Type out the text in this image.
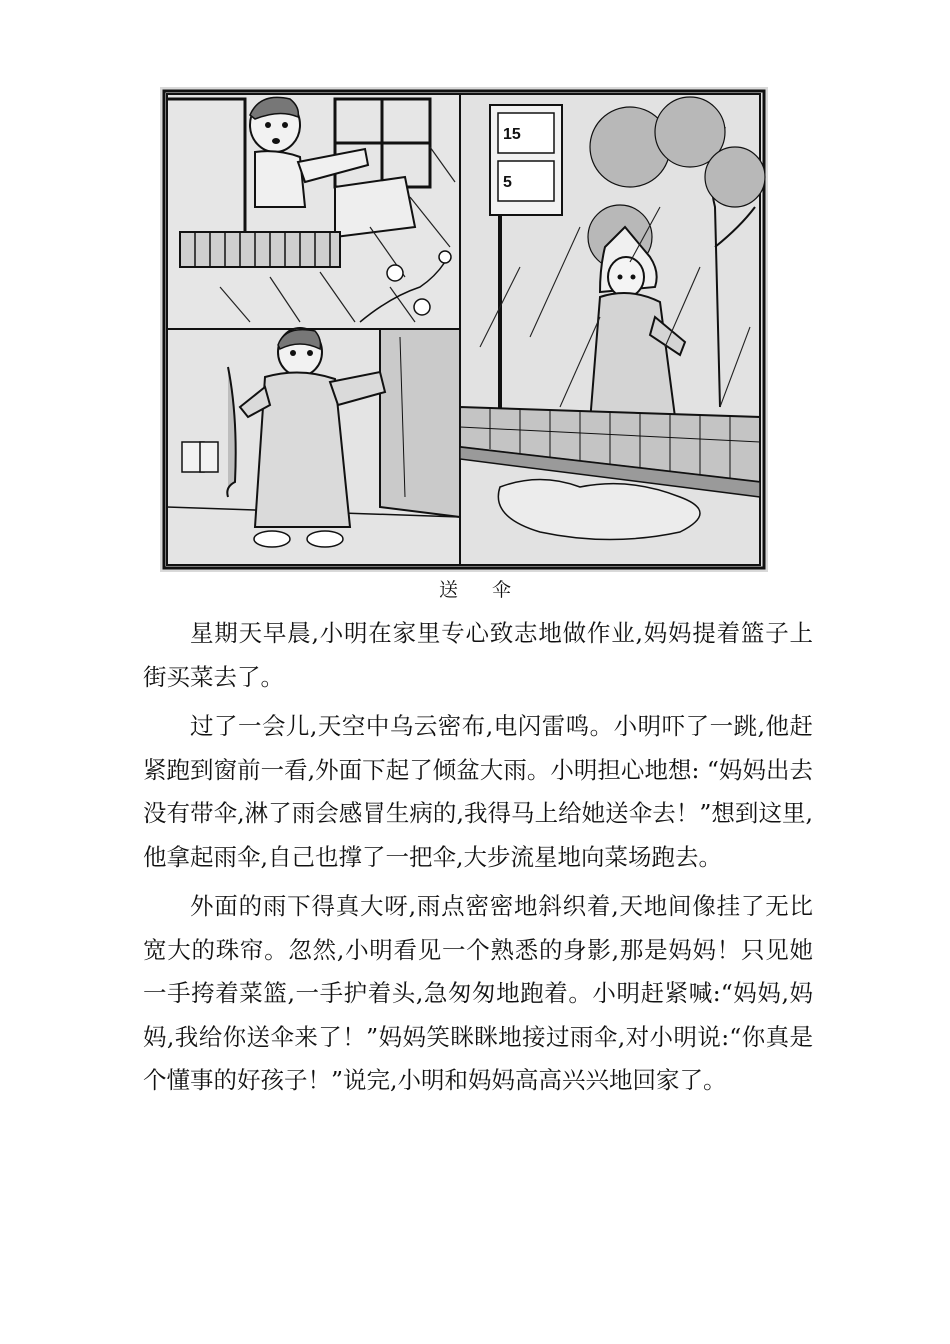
15
5
送 伞

星期天早晨,小明在家里专心致志地做作业,妈妈提着篮子上街买菜去了。

过了一会儿,天空中乌云密布,电闪雷鸣。小明吓了一跳,他赶紧跑到窗前一看,外面下起了倾盆大雨。小明担心地想: “妈妈出去没有带伞,淋了雨会感冒生病的,我得马上给她送伞去！”想到这里,他拿起雨伞,自己也撑了一把伞,大步流星地向菜场跑去。

外面的雨下得真大呀,雨点密密地斜织着,天地间像挂了无比宽大的珠帘。忽然,小明看见一个熟悉的身影,那是妈妈！只见她一手挎着菜篮,一手护着头,急匆匆地跑着。小明赶紧喊:“妈妈,妈妈,我给你送伞来了！”妈妈笑眯眯地接过雨伞,对小明说:“你真是个懂事的好孩子！”说完,小明和妈妈高高兴兴地回家了。
